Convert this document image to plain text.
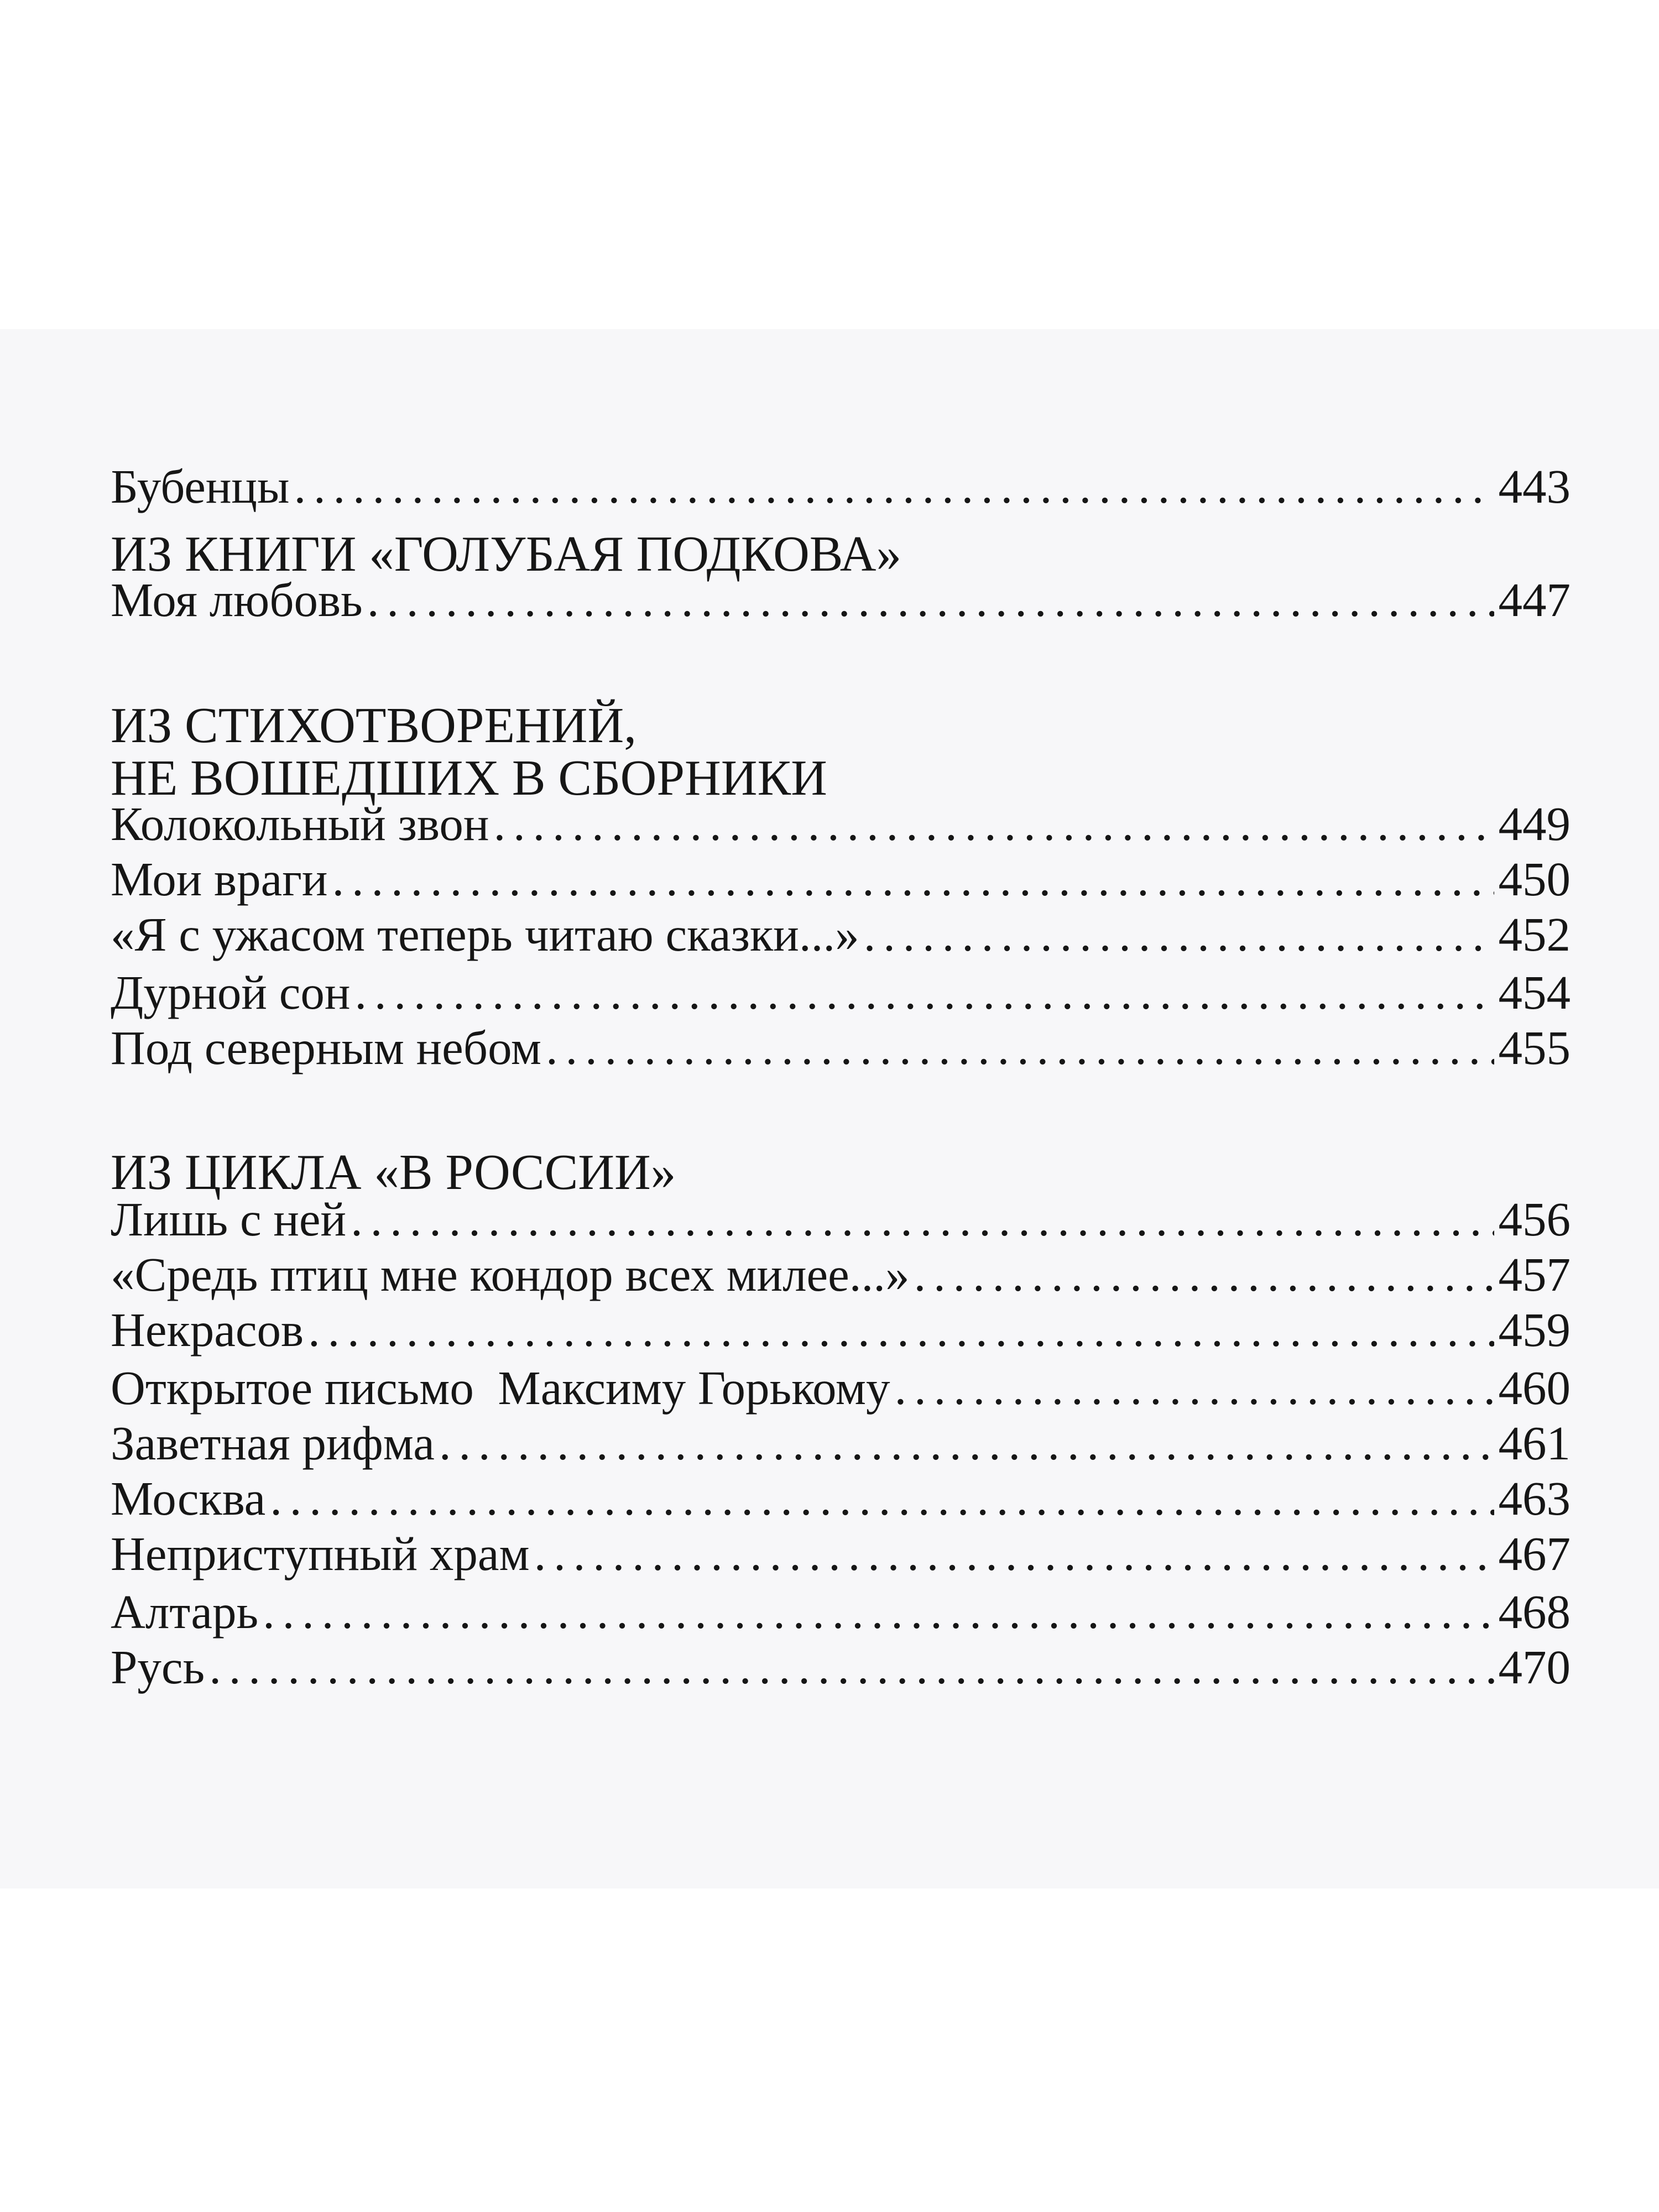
Бубенцы . . .	443
ИЗ КНИГИ «ГОЛУБАЯ ПОДКОВА»
Моя любовь . . .	447
ИЗ СТИХОТВОРЕНИЙ,
НЕ ВОШЕДШИХ В СБОРНИКИ
Колокольный звон . . .	449
Мои враги . . .	450
«Я с ужасом теперь читаю сказки...» . . .	452
Дурной сон . . .	454
Под северным небом . . .	455
ИЗ ЦИКЛА «В РОССИИ»
Лишь с ней . . .	456
«Средь птиц мне кондор всех милее...» . . .	457
Некрасов . . .	459
Открытое письмо  Максиму Горькому . . .	460
Заветная рифма . . .	461
Москва . . .	463
Неприступный храм . . .	467
Алтарь . . .	468
Русь . . .	470
